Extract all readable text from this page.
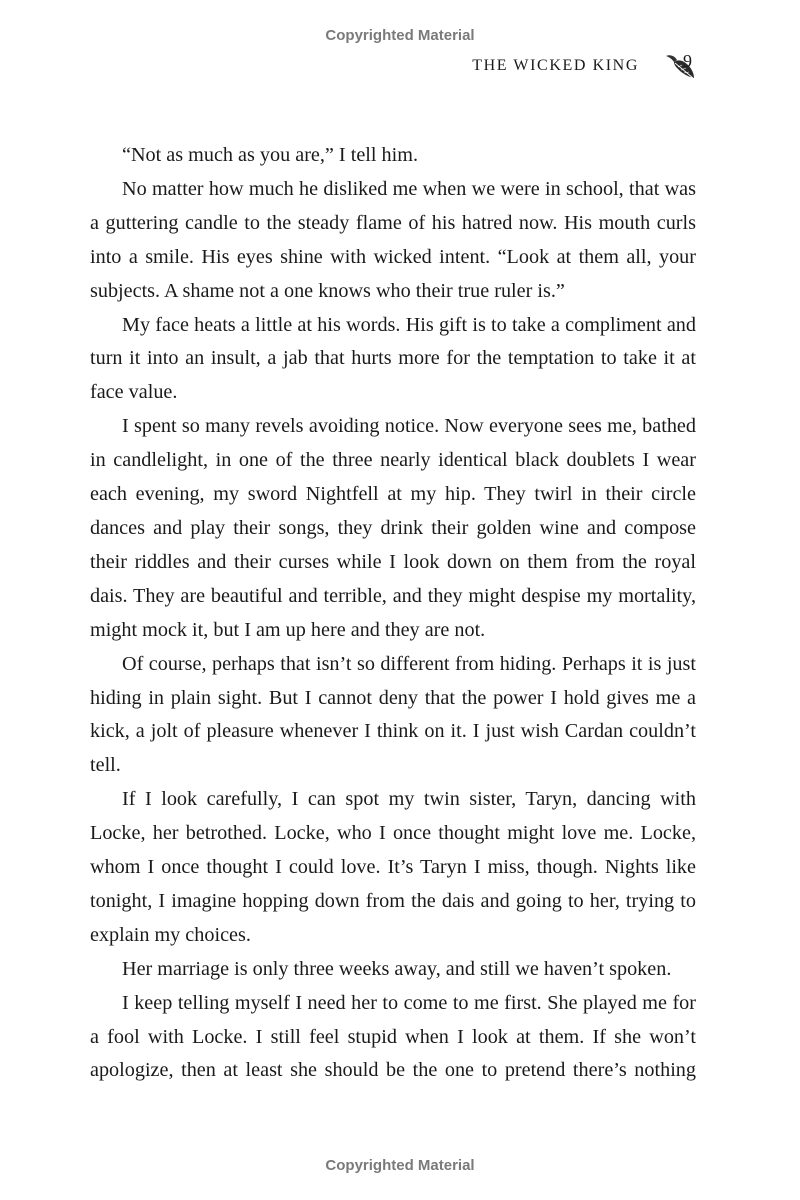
Copyrighted Material
THE WICKED KING 9

“Not as much as you are,” I tell him.

No matter how much he disliked me when we were in school, that was a guttering candle to the steady flame of his hatred now. His mouth curls into a smile. His eyes shine with wicked intent. “Look at them all, your subjects. A shame not a one knows who their true ruler is.”

My face heats a little at his words. His gift is to take a compliment and turn it into an insult, a jab that hurts more for the temptation to take it at face value.

I spent so many revels avoiding notice. Now everyone sees me, bathed in candlelight, in one of the three nearly identical black doublets I wear each evening, my sword Nightfell at my hip. They twirl in their circle dances and play their songs, they drink their golden wine and compose their riddles and their curses while I look down on them from the royal dais. They are beautiful and terrible, and they might despise my mortality, might mock it, but I am up here and they are not.

Of course, perhaps that isn’t so different from hiding. Perhaps it is just hiding in plain sight. But I cannot deny that the power I hold gives me a kick, a jolt of pleasure whenever I think on it. I just wish Cardan couldn’t tell.

If I look carefully, I can spot my twin sister, Taryn, dancing with Locke, her betrothed. Locke, who I once thought might love me. Locke, whom I once thought I could love. It’s Taryn I miss, though. Nights like tonight, I imagine hopping down from the dais and going to her, trying to explain my choices.

Her marriage is only three weeks away, and still we haven’t spoken.

I keep telling myself I need her to come to me first. She played me for a fool with Locke. I still feel stupid when I look at them. If she won’t apologize, then at least she should be the one to pretend there’s nothing

Copyrighted Material
